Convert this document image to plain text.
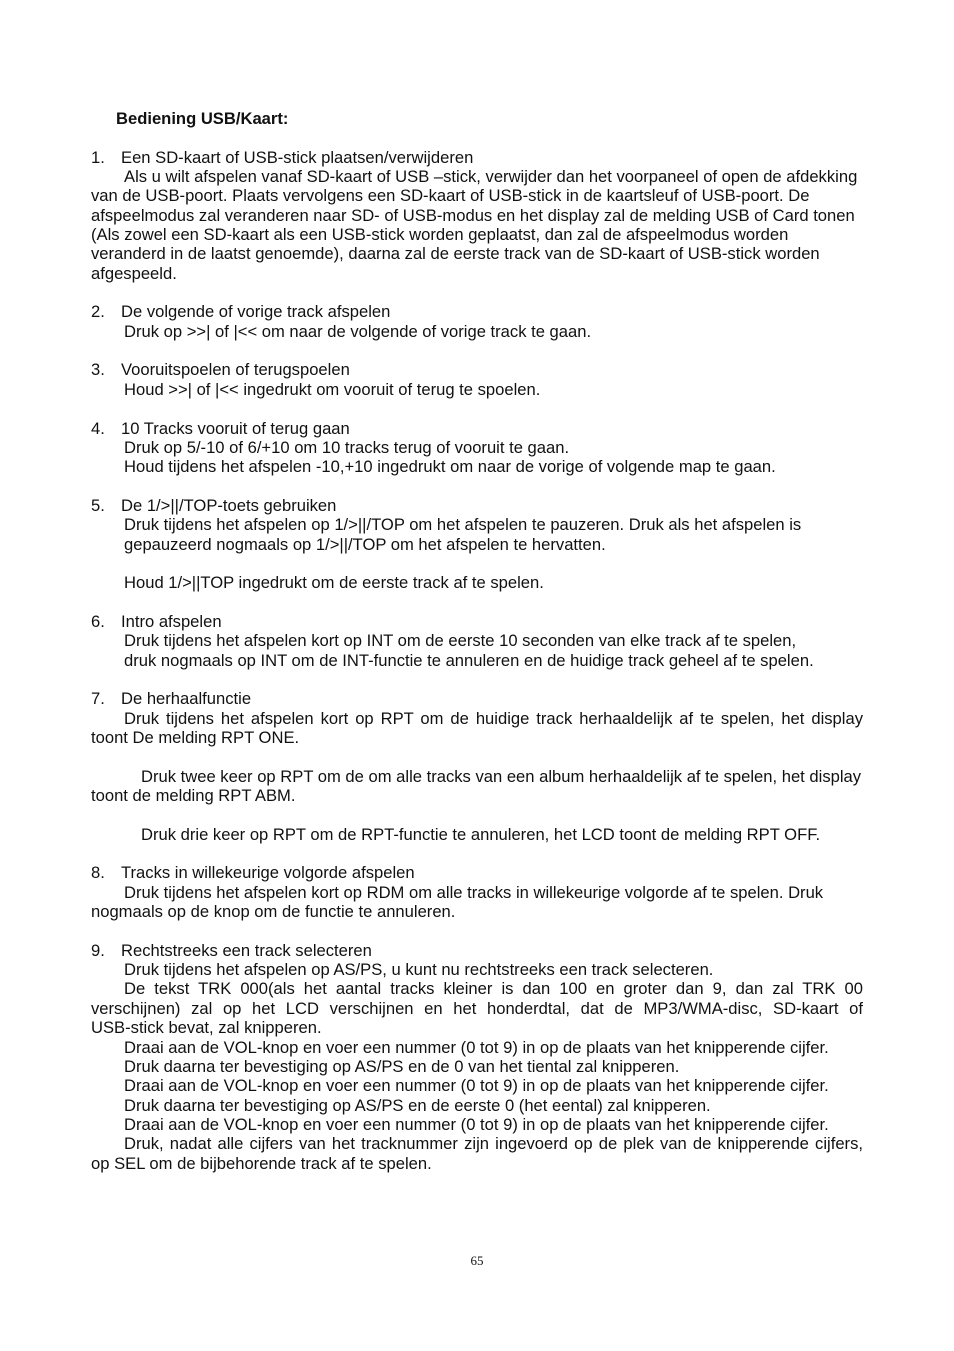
Bediening USB/Kaart:
1. Een SD-kaart of USB-stick plaatsen/verwijderen
Als u wilt afspelen vanaf SD-kaart of USB –stick, verwijder dan het voorpaneel of open de afdekking
van de USB-poort. Plaats vervolgens een SD-kaart of USB-stick in de kaartsleuf of USB-poort. De
afspeelmodus zal veranderen naar SD- of USB-modus en het display zal de melding USB of Card tonen
(Als zowel een SD-kaart als een USB-stick worden geplaatst, dan zal de afspeelmodus worden
veranderd in de laatst genoemde), daarna zal de eerste track van de SD-kaart of USB-stick worden
afgespeeld.
2. De volgende of vorige track afspelen
Druk op >>| of |<< om naar de volgende of vorige track te gaan.
3. Vooruitspoelen of terugspoelen
Houd >>| of |<< ingedrukt om vooruit of terug te spoelen.
4. 10 Tracks vooruit of terug gaan
Druk op 5/-10 of 6/+10 om 10 tracks terug of vooruit te gaan.
Houd tijdens het afspelen -10,+10 ingedrukt om naar de vorige of volgende map te gaan.
5. De 1/>||/TOP-toets gebruiken
Druk tijdens het afspelen op 1/>||/TOP om het afspelen te pauzeren. Druk als het afspelen is
gepauzeerd nogmaals op 1/>||/TOP om het afspelen te hervatten.
Houd 1/>||TOP ingedrukt om de eerste track af te spelen.
6. Intro afspelen
Druk tijdens het afspelen kort op INT om de eerste 10 seconden van elke track af te spelen,
druk nogmaals op INT om de INT-functie te annuleren en de huidige track geheel af te spelen.
7. De herhaalfunctie
Druk tijdens het afspelen kort op RPT om de huidige track herhaaldelijk af te spelen, het display
toont De melding RPT ONE.
Druk twee keer op RPT om de om alle tracks van een album herhaaldelijk af te spelen, het display
toont de melding RPT ABM.
Druk drie keer op RPT om de RPT-functie te annuleren, het LCD toont de melding RPT OFF.
8. Tracks in willekeurige volgorde afspelen
Druk tijdens het afspelen kort op RDM om alle tracks in willekeurige volgorde af te spelen. Druk
nogmaals op de knop om de functie te annuleren.
9. Rechtstreeks een track selecteren
Druk tijdens het afspelen op AS/PS, u kunt nu rechtstreeks een track selecteren.
De tekst TRK 000(als het aantal tracks kleiner is dan 100 en groter dan 9, dan zal TRK 00
verschijnen) zal op het LCD verschijnen en het honderdtal, dat de MP3/WMA-disc, SD-kaart of
USB-stick bevat, zal knipperen.
Draai aan de VOL-knop en voer een nummer (0 tot 9) in op de plaats van het knipperende cijfer.
Druk daarna ter bevestiging op AS/PS en de 0 van het tiental zal knipperen.
Draai aan de VOL-knop en voer een nummer (0 tot 9) in op de plaats van het knipperende cijfer.
Druk daarna ter bevestiging op AS/PS en de eerste 0 (het eental) zal knipperen.
Draai aan de VOL-knop en voer een nummer (0 tot 9) in op de plaats van het knipperende cijfer.
Druk, nadat alle cijfers van het tracknummer zijn ingevoerd op de plek van de knipperende cijfers,
op SEL om de bijbehorende track af te spelen.
65
